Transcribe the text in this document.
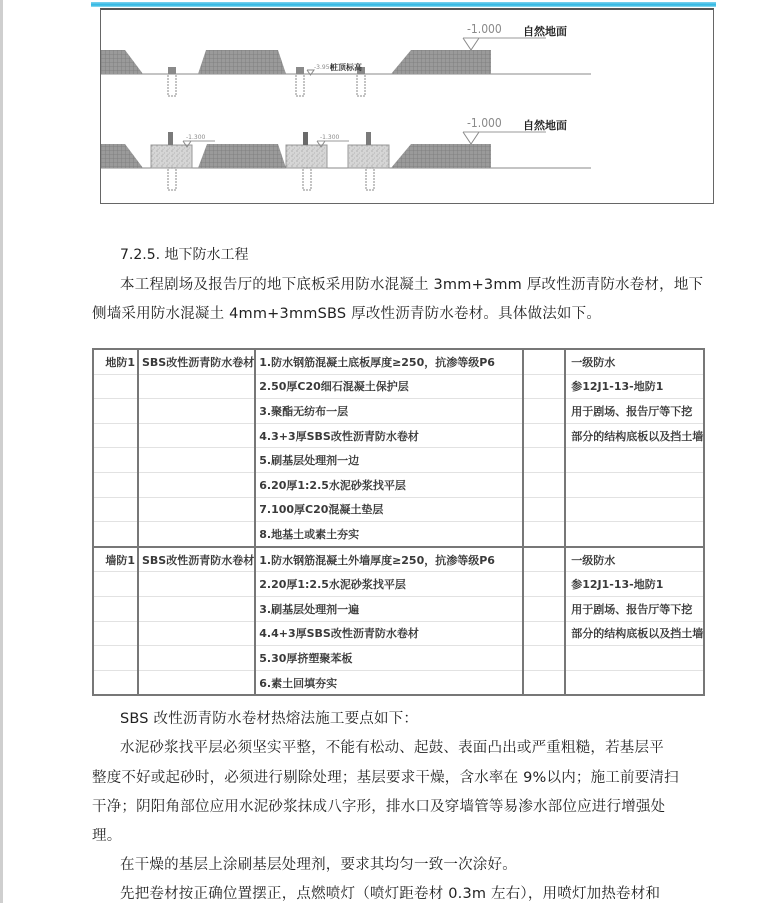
-1.000 自然地面
-3.950
桩顶标高
-1.000 自然地面
-1.300	-1.300
7.2.5. 地下防水工程
本工程剧场及报告厅的地下底板采用防水混凝土 3mm+3mm 厚改性沥青防水卷材，地下
侧墙采用防水混凝土 4mm+3mmSBS 厚改性沥青防水卷材。具体做法如下。
地防1	SBS改性沥青防水卷材	1.防水钢筋混凝土底板厚度≥250，抗渗等级P6		一级防水
		2.50厚C20细石混凝土保护层		参12J1-13-地防1
		3.聚酯无纺布一层		用于剧场、报告厅等下挖
		4.3+3厚SBS改性沥青防水卷材		部分的结构底板以及挡土墙
		5.刷基层处理剂一边		
		6.20厚1:2.5水泥砂浆找平层		
		7.100厚C20混凝土垫层		
		8.地基土或素土夯实		
墙防1	SBS改性沥青防水卷材	1.防水钢筋混凝土外墙厚度≥250，抗渗等级P6		一级防水
		2.20厚1:2.5水泥砂浆找平层		参12J1-13-地防1
		3.刷基层处理剂一遍		用于剧场、报告厅等下挖
		4.4+3厚SBS改性沥青防水卷材		部分的结构底板以及挡土墙
		5.30厚挤塑聚苯板		
		6.素土回填夯实		
SBS 改性沥青防水卷材热熔法施工要点如下：
水泥砂浆找平层必须坚实平整，不能有松动、起鼓、表面凸出或严重粗糙，若基层平
整度不好或起砂时，必须进行剔除处理；基层要求干燥，含水率在 9%以内；施工前要清扫
干净；阴阳角部位应用水泥砂浆抹成八字形，排水口及穿墙管等易渗水部位应进行增强处
理。
在干燥的基层上涂刷基层处理剂，要求其均匀一致一次涂好。
先把卷材按正确位置摆正，点燃喷灯（喷灯距卷材 0.3m 左右），用喷灯加热卷材和
